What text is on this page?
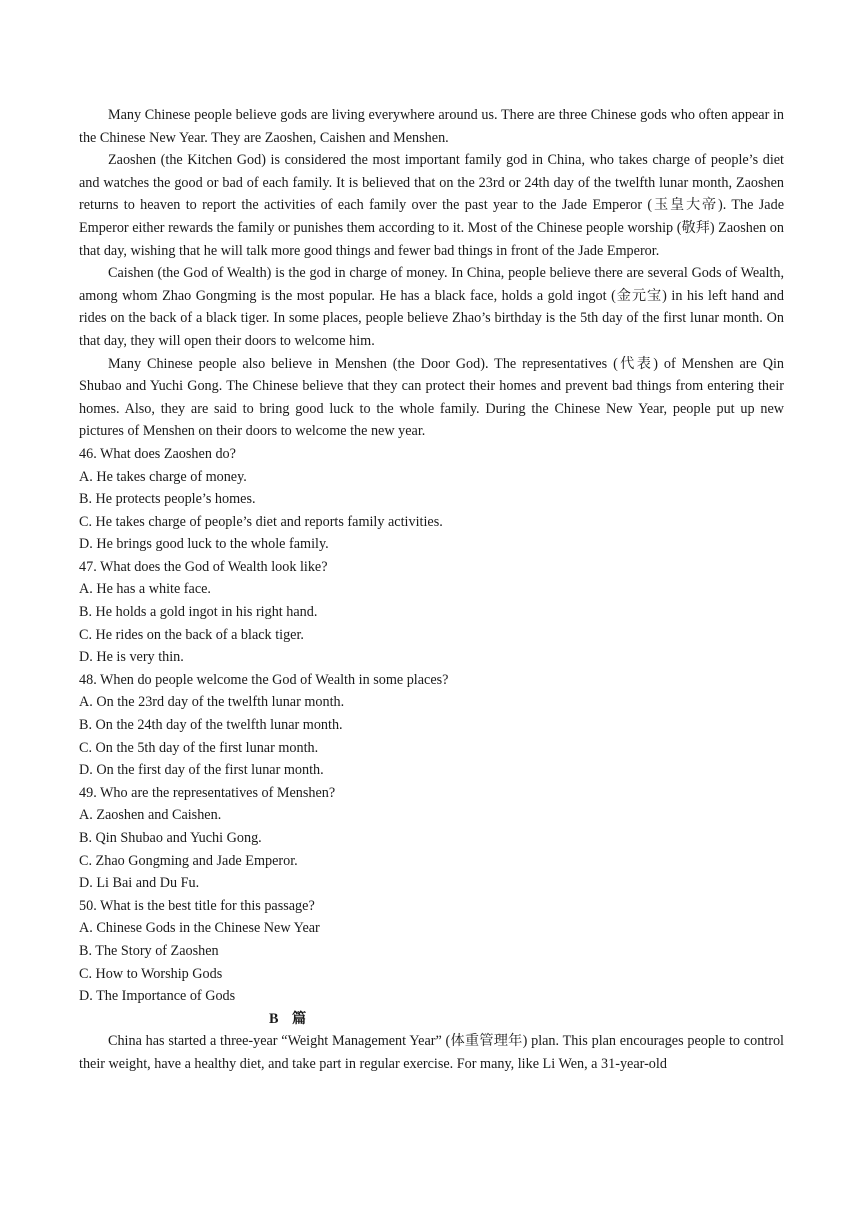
Many Chinese people believe gods are living everywhere around us. There are three Chinese gods who often appear in the Chinese New Year. They are Zaoshen, Caishen and Menshen.

Zaoshen (the Kitchen God) is considered the most important family god in China, who takes charge of people’s diet and watches the good or bad of each family. It is believed that on the 23rd or 24th day of the twelfth lunar month, Zaoshen returns to heaven to report the activities of each family over the past year to the Jade Emperor (玉皇大帝). The Jade Emperor either rewards the family or punishes them according to it. Most of the Chinese people worship (敬拜) Zaoshen on that day, wishing that he will talk more good things and fewer bad things in front of the Jade Emperor.

Caishen (the God of Wealth) is the god in charge of money. In China, people believe there are several Gods of Wealth, among whom Zhao Gongming is the most popular. He has a black face, holds a gold ingot (金元宝) in his left hand and rides on the back of a black tiger. In some places, people believe Zhao’s birthday is the 5th day of the first lunar month. On that day, they will open their doors to welcome him.

Many Chinese people also believe in Menshen (the Door God). The representatives (代表) of Menshen are Qin Shubao and Yuchi Gong. The Chinese believe that they can protect their homes and prevent bad things from entering their homes. Also, they are said to bring good luck to the whole family. During the Chinese New Year, people put up new pictures of Menshen on their doors to welcome the new year.

46. What does Zaoshen do?

A. He takes charge of money.

B. He protects people’s homes.

C. He takes charge of people’s diet and reports family activities.

D. He brings good luck to the whole family.

47. What does the God of Wealth look like?

A. He has a white face.

B. He holds a gold ingot in his right hand.

C. He rides on the back of a black tiger.

D. He is very thin.

48. When do people welcome the God of Wealth in some places?

A. On the 23rd day of the twelfth lunar month.

B. On the 24th day of the twelfth lunar month.

C. On the 5th day of the first lunar month.

D. On the first day of the first lunar month.

49. Who are the representatives of Menshen?

A. Zaoshen and Caishen.

B. Qin Shubao and Yuchi Gong.

C. Zhao Gongming and Jade Emperor.

D. Li Bai and Du Fu.

50. What is the best title for this passage?

A. Chinese Gods in the Chinese New Year

B. The Story of Zaoshen

C. How to Worship Gods

D. The Importance of Gods

B 篇

China has started a three-year “Weight Management Year” (体重管理年) plan. This plan encourages people to control their weight, have a healthy diet, and take part in regular exercise. For many, like Li Wen, a 31-year-old
